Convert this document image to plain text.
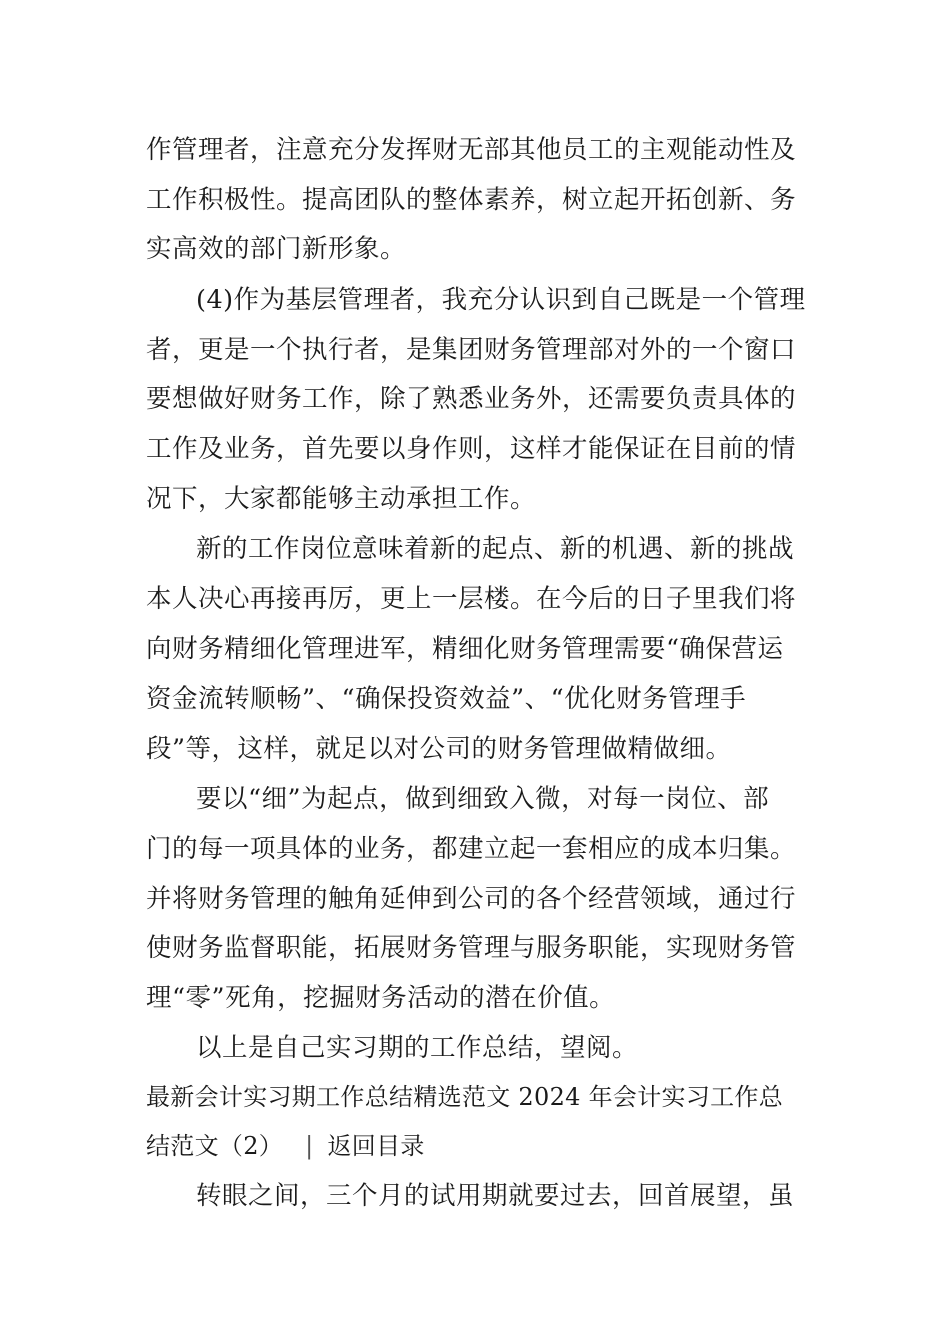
作管理者，注意充分发挥财无部其他员工的主观能动性及
工作积极性。提高团队的整体素养，树立起开拓创新、务
实高效的部门新形象。
(4)作为基层管理者，我充分认识到自己既是一个管理
者，更是一个执行者，是集团财务管理部对外的一个窗口
要想做好财务工作，除了熟悉业务外，还需要负责具体的
工作及业务，首先要以身作则，这样才能保证在目前的情
况下，大家都能够主动承担工作。
新的工作岗位意味着新的起点、新的机遇、新的挑战
本人决心再接再厉，更上一层楼。在今后的日子里我们将
向财务精细化管理进军，精细化财务管理需要“确保营运
资金流转顺畅”、“确保投资效益”、“优化财务管理手
段”等，这样，就足以对公司的财务管理做精做细。
要以“细”为起点，做到细致入微，对每一岗位、部
门的每一项具体的业务，都建立起一套相应的成本归集。
并将财务管理的触角延伸到公司的各个经营领域，通过行
使财务监督职能，拓展财务管理与服务职能，实现财务管
理“零”死角，挖掘财务活动的潜在价值。
以上是自己实习期的工作总结，望阅。
最新会计实习期工作总结精选范文 2024 年会计实习工作总
结范文（2） | 返回目录
转眼之间，三个月的试用期就要过去，回首展望，虽
